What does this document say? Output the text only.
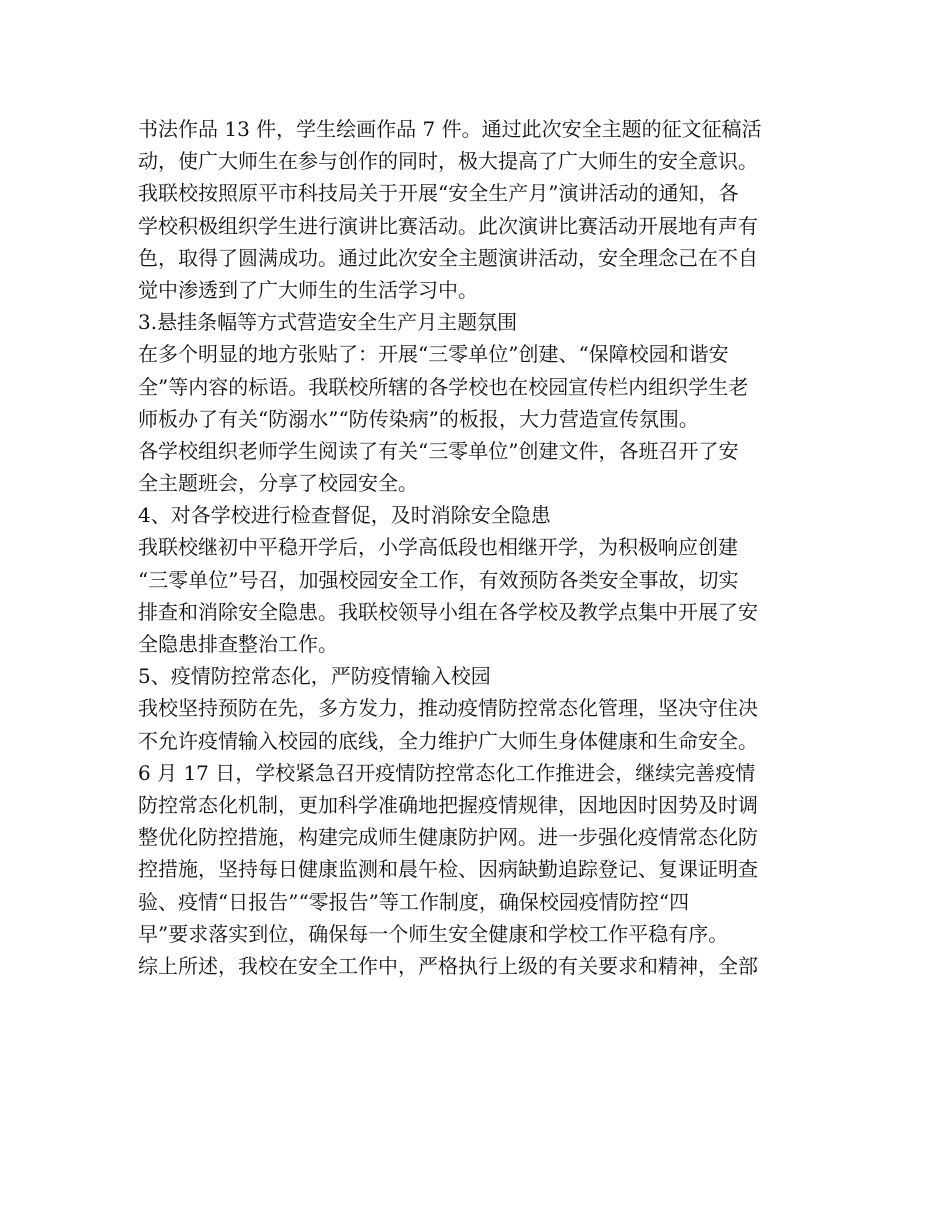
书法作品 13 件，学生绘画作品 7 件。通过此次安全主题的征文征稿活
动，使广大师生在参与创作的同时，极大提高了广大师生的安全意识。
我联校按照原平市科技局关于开展“安全生产月”演讲活动的通知，各
学校积极组织学生进行演讲比赛活动。此次演讲比赛活动开展地有声有
色，取得了圆满成功。通过此次安全主题演讲活动，安全理念己在不自
觉中渗透到了广大师生的生活学习中。
3.悬挂条幅等方式营造安全生产月主题氛围
在多个明显的地方张贴了：开展“三零单位”创建、“保障校园和谐安
全”等内容的标语。我联校所辖的各学校也在校园宣传栏内组织学生老
师板办了有关“防溺水”“防传染病”的板报，大力营造宣传氛围。
各学校组织老师学生阅读了有关“三零单位”创建文件，各班召开了安
全主题班会，分享了校园安全。
4、对各学校进行检查督促，及时消除安全隐患
我联校继初中平稳开学后，小学高低段也相继开学，为积极响应创建
“三零单位”号召，加强校园安全工作，有效预防各类安全事故，切实
排查和消除安全隐患。我联校领导小组在各学校及教学点集中开展了安
全隐患排查整治工作。
5、疫情防控常态化，严防疫情输入校园
我校坚持预防在先，多方发力，推动疫情防控常态化管理，坚决守住决
不允许疫情输入校园的底线，全力维护广大师生身体健康和生命安全。
6 月 17 日，学校紧急召开疫情防控常态化工作推进会，继续完善疫情
防控常态化机制，更加科学准确地把握疫情规律，因地因时因势及时调
整优化防控措施，构建完成师生健康防护网。进一步强化疫情常态化防
控措施，坚持每日健康监测和晨午检、因病缺勤追踪登记、复课证明查
验、疫情“日报告”“零报告”等工作制度，确保校园疫情防控“四
早”要求落实到位，确保每一个师生安全健康和学校工作平稳有序。
综上所述，我校在安全工作中，严格执行上级的有关要求和精神，全部
